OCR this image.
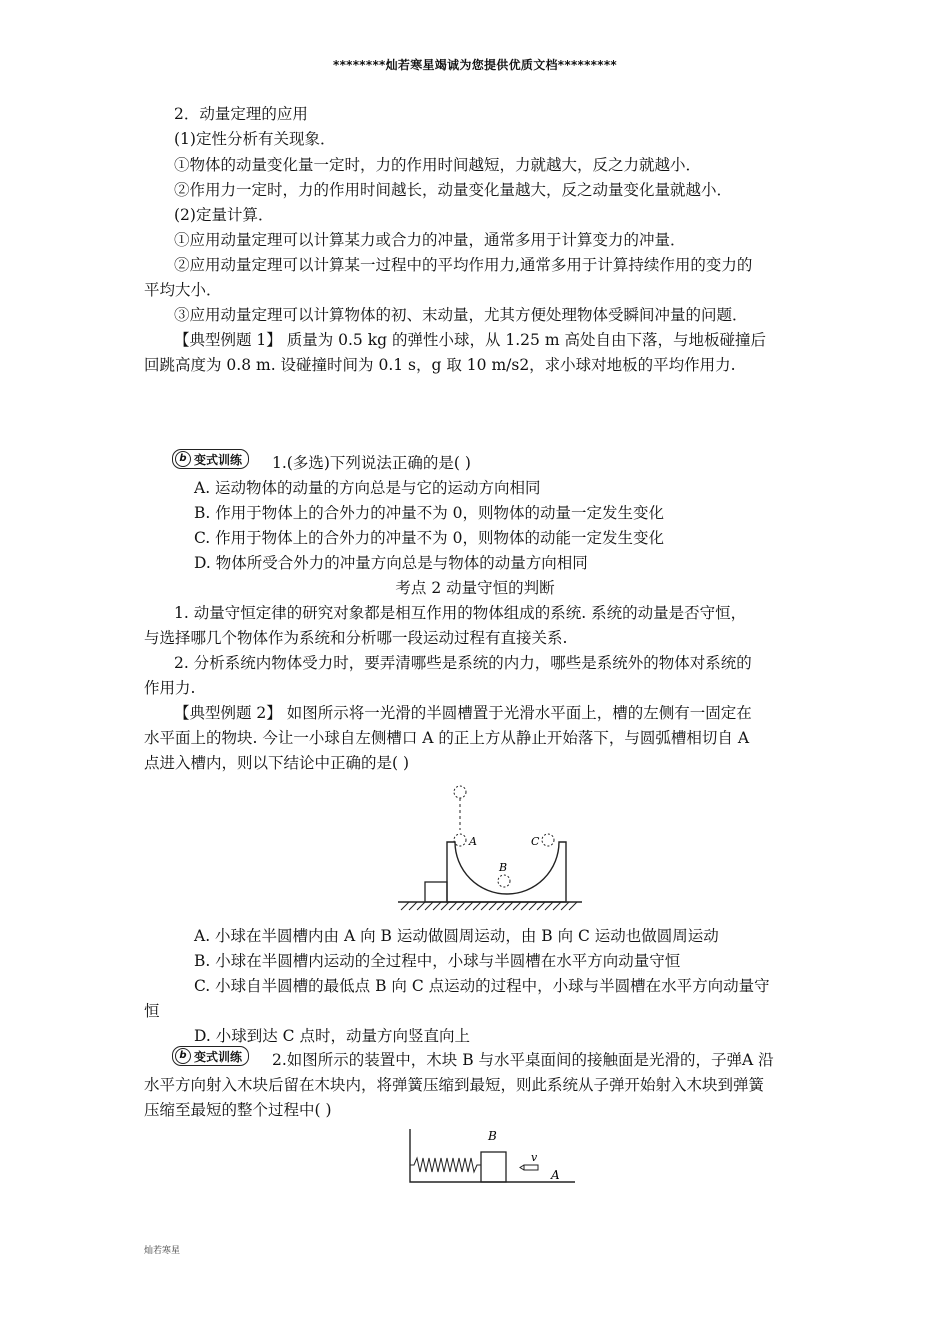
********灿若寒星竭诚为您提供优质文档*********
2．动量定理的应用
(1)定性分析有关现象．
①物体的动量变化量一定时，力的作用时间越短，力就越大，反之力就越小．
②作用力一定时，力的作用时间越长，动量变化量越大，反之动量变化量就越小．
(2)定量计算．
①应用动量定理可以计算某力或合力的冲量，通常多用于计算变力的冲量．
②应用动量定理可以计算某一过程中的平均作用力,通常多用于计算持续作用的变力的
平均大小．
③应用动量定理可以计算物体的初、末动量，尤其方便处理物体受瞬间冲量的问题．
【典型例题 1】 质量为 0.5 kg 的弹性小球，从 1.25 m 高处自由下落，与地板碰撞后
回跳高度为 0.8 m. 设碰撞时间为 0.1 s，g 取 10 m/s2，求小球对地板的平均作用力.
b 变式训练 1.(多选)下列说法正确的是( )
A. 运动物体的动量的方向总是与它的运动方向相同
B. 作用于物体上的合外力的冲量不为 0，则物体的动量一定发生变化
C. 作用于物体上的合外力的冲量不为 0，则物体的动能一定发生变化
D. 物体所受合外力的冲量方向总是与物体的动量方向相同
考点 2 动量守恒的判断
1. 动量守恒定律的研究对象都是相互作用的物体组成的系统. 系统的动量是否守恒，
与选择哪几个物体作为系统和分析哪一段运动过程有直接关系.
2. 分析系统内物体受力时，要弄清哪些是系统的内力，哪些是系统外的物体对系统的
作用力.
【典型例题 2】 如图所示将一光滑的半圆槽置于光滑水平面上，槽的左侧有一固定在
水平面上的物块. 今让一小球自左侧槽口 A 的正上方从静止开始落下，与圆弧槽相切自 A
点进入槽内，则以下结论中正确的是( )
A
B
C
A. 小球在半圆槽内由 A 向 B 运动做圆周运动，由 B 向 C 运动也做圆周运动
B. 小球在半圆槽内运动的全过程中，小球与半圆槽在水平方向动量守恒
C. 小球自半圆槽的最低点 B 向 C 点运动的过程中，小球与半圆槽在水平方向动量守
恒
D. 小球到达 C 点时，动量方向竖直向上
b 变式训练 2.如图所示的装置中，木块 B 与水平桌面间的接触面是光滑的，子弹A 沿
水平方向射入木块后留在木块内，将弹簧压缩到最短，则此系统从子弹开始射入木块到弹簧
压缩至最短的整个过程中( )
B
v
A
灿若寒星
